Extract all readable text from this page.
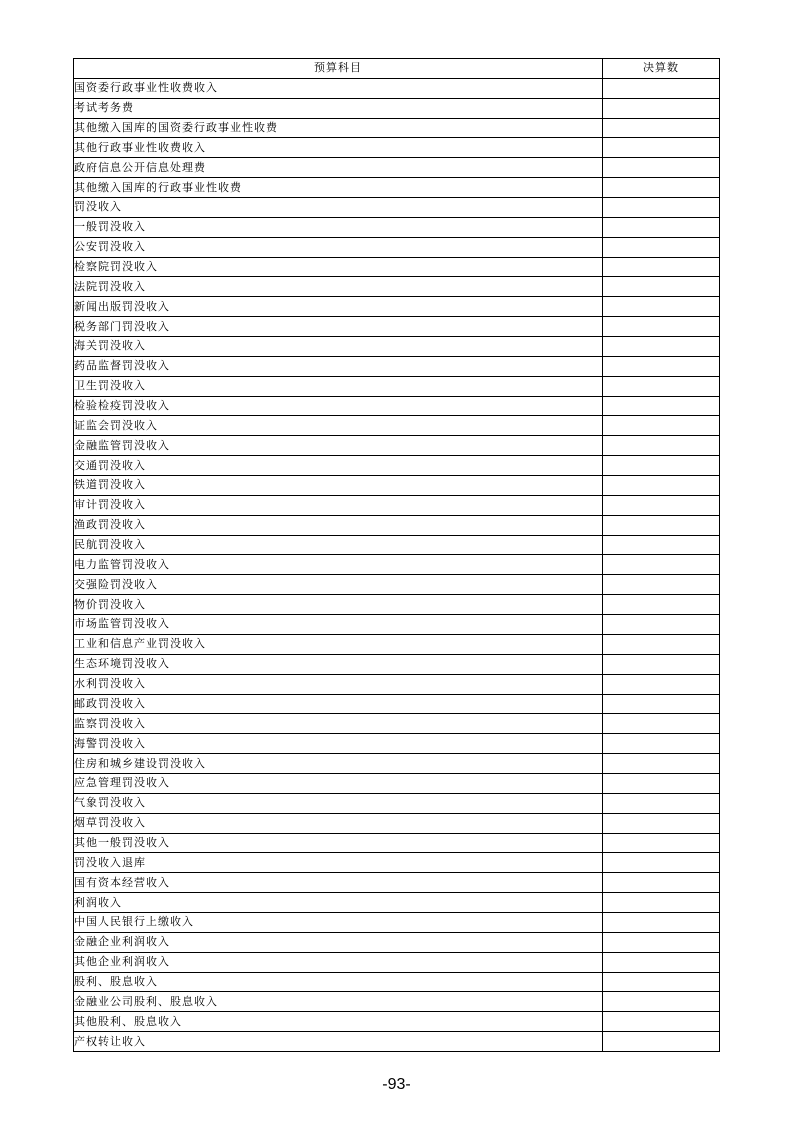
预算科目	决算数
国资委行政事业性收费收入	
考试考务费	
其他缴入国库的国资委行政事业性收费	
其他行政事业性收费收入	
政府信息公开信息处理费	
其他缴入国库的行政事业性收费	
罚没收入	
一般罚没收入	
公安罚没收入	
检察院罚没收入	
法院罚没收入	
新闻出版罚没收入	
税务部门罚没收入	
海关罚没收入	
药品监督罚没收入	
卫生罚没收入	
检验检疫罚没收入	
证监会罚没收入	
金融监管罚没收入	
交通罚没收入	
铁道罚没收入	
审计罚没收入	
渔政罚没收入	
民航罚没收入	
电力监管罚没收入	
交强险罚没收入	
物价罚没收入	
市场监管罚没收入	
工业和信息产业罚没收入	
生态环境罚没收入	
水利罚没收入	
邮政罚没收入	
监察罚没收入	
海警罚没收入	
住房和城乡建设罚没收入	
应急管理罚没收入	
气象罚没收入	
烟草罚没收入	
其他一般罚没收入	
罚没收入退库	
国有资本经营收入	
利润收入	
中国人民银行上缴收入	
金融企业利润收入	
其他企业利润收入	
股利、股息收入	
金融业公司股利、股息收入	
其他股利、股息收入	
产权转让收入	
-93-
